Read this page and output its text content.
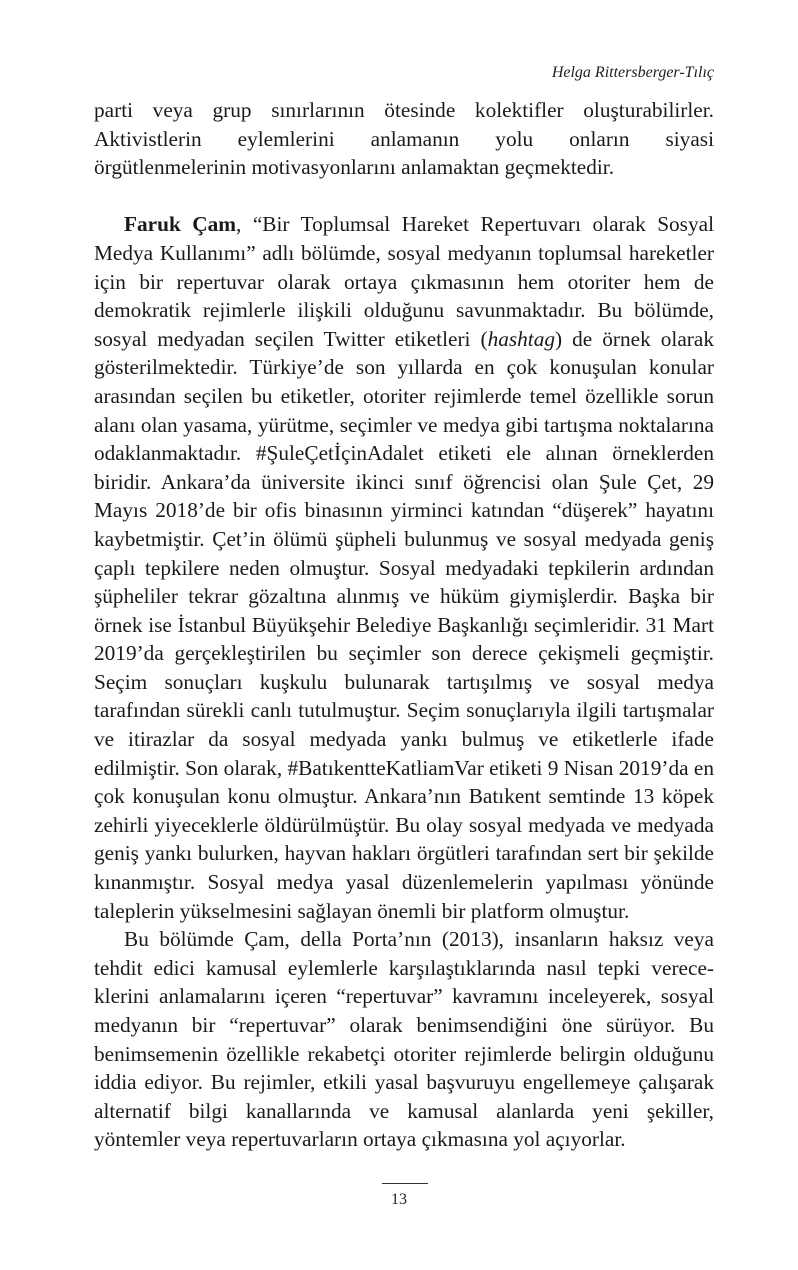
Helga Rittersberger-Tılıç

parti veya grup sınırlarının ötesinde kolektifler oluşturabilirler. Aktivistlerin eylemlerini anlamanın yolu onların siyasi örgütlenmelerinin motivasyonlarını anlamaktan geçmektedir.

Faruk Çam, “Bir Toplumsal Hareket Repertuvarı olarak Sosyal Medya Kullanımı” adlı bölümde, sosyal medyanın toplumsal hareketler için bir repertuvar olarak ortaya çıkmasının hem otoriter hem de demokratik rejimlerle ilişkili olduğunu savunmaktadır. Bu bölümde, sosyal medyadan seçilen Twitter etiketleri (hashtag) de örnek olarak gösterilmektedir. Türkiye’de son yıllarda en çok konuşulan konular arasından seçilen bu etiketler, otoriter rejimlerde temel özellikle sorun alanı olan yasama, yürütme, seçimler ve medya gibi tartışma noktalarına odaklanmaktadır. #ŞuleÇetİçinAdalet etiketi ele alınan örneklerden biridir. Ankara’da üniversite ikinci sınıf öğrencisi olan Şule Çet, 29 Mayıs 2018’de bir ofis binasının yirminci katından “düşerek” hayatını kaybetmiştir. Çet’in ölümü şüpheli bulunmuş ve sosyal medyada geniş çaplı tepkilere neden olmuştur. Sosyal medyadaki tepkilerin ardından şüpheliler tekrar gözaltına alınmış ve hüküm giymişlerdir. Başka bir örnek ise İstanbul Büyükşehir Belediye Başkanlığı seçimleridir. 31 Mart 2019’da gerçekleştirilen bu seçimler son derece çekişmeli geçmiştir. Seçim sonuçları kuşkulu bulunarak tartışılmış ve sosyal medya tarafından sürekli canlı tutulmuştur. Seçim sonuçlarıyla ilgili tartışmalar ve itirazlar da sosyal medyada yankı bulmuş ve etiketlerle ifade edilmiştir. Son olarak, #BatıkentteKatliamVar etiketi 9 Nisan 2019’da en çok konuşulan konu olmuştur. Ankara’nın Batıkent semtinde 13 köpek zehirli yiyeceklerle öldürülmüştür. Bu olay sosyal medyada ve medyada geniş yankı bulurken, hayvan hakları örgütleri tarafından sert bir şekilde kınanmıştır. Sosyal medya yasal düzenlemelerin yapılması yönünde taleplerin yükselmesini sağlayan önemli bir platform olmuştur.

Bu bölümde Çam, della Porta’nın (2013), insanların haksız veya tehdit edici kamusal eylemlerle karşılaştıklarında nasıl tepki vereceklerini anlamalarını içeren “repertuvar” kavramını inceleyerek, sosyal medyanın bir “repertuvar” olarak benimsendiğini öne sürüyor. Bu benimsemenin özellikle rekabetçi otoriter rejimlerde belirgin olduğunu iddia ediyor. Bu rejimler, etkili yasal başvuruyu engellemeye çalışarak alternatif bilgi kanallarında ve kamusal alanlarda yeni şekiller, yöntemler veya repertuvarların ortaya çıkmasına yol açıyorlar.

13
